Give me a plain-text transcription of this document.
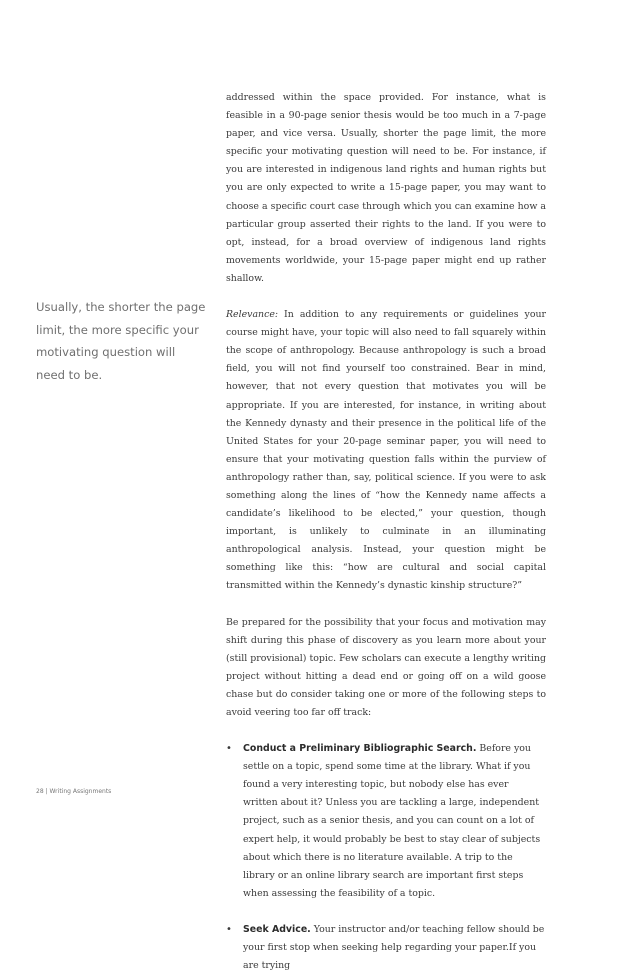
Usually, the shorter the page limit, the more specific your motivating question will need to be.

addressed within the space provided. For instance, what is feasible in a 90-page senior thesis would be too much in a 7-page paper, and vice versa. Usually, shorter the page limit, the more specific your motivating question will need to be. For instance, if you are interested in indigenous land rights and human rights but you are only expected to write a 15-page paper, you may want to choose a specific court case through which you can examine how a particular group asserted their rights to the land. If you were to opt, instead, for a broad overview of indigenous land rights movements worldwide, your 15-page paper might end up rather shallow.

Relevance: In addition to any requirements or guidelines your course might have, your topic will also need to fall squarely within the scope of anthropology. Because anthropology is such a broad field, you will not find yourself too constrained. Bear in mind, however, that not every question that motivates you will be appropriate. If you are interested, for instance, in writing about the Kennedy dynasty and their presence in the political life of the United States for your 20-page seminar paper, you will need to ensure that your motivating question falls within the purview of anthropology rather than, say, political science. If you were to ask something along the lines of “how the Kennedy name affects a candidate’s likelihood to be elected,” your question, though important, is unlikely to culminate in an illuminating anthropological analysis. Instead, your question might be something like this: “how are cultural and social capital transmitted within the Kennedy’s dynastic kinship structure?”

Be prepared for the possibility that your focus and motivation may shift during this phase of discovery as you learn more about your (still provisional) topic. Few scholars can execute a lengthy writing project without hitting a dead end or going off on a wild goose chase but do consider taking one or more of the following steps to avoid veering too far off track:

• Conduct a Preliminary Bibliographic Search. Before you settle on a topic, spend some time at the library. What if you found a very interesting topic, but nobody else has ever written about it? Unless you are tackling a large, independent project, such as a senior thesis, and you can count on a lot of expert help, it would probably be best to stay clear of subjects about which there is no literature available. A trip to the library or an online library search are important first steps when assessing the feasibility of a topic.
• Seek Advice. Your instructor and/or teaching fellow should be your first stop when seeking help regarding your paper.If you are trying
28 | Writing Assignments
